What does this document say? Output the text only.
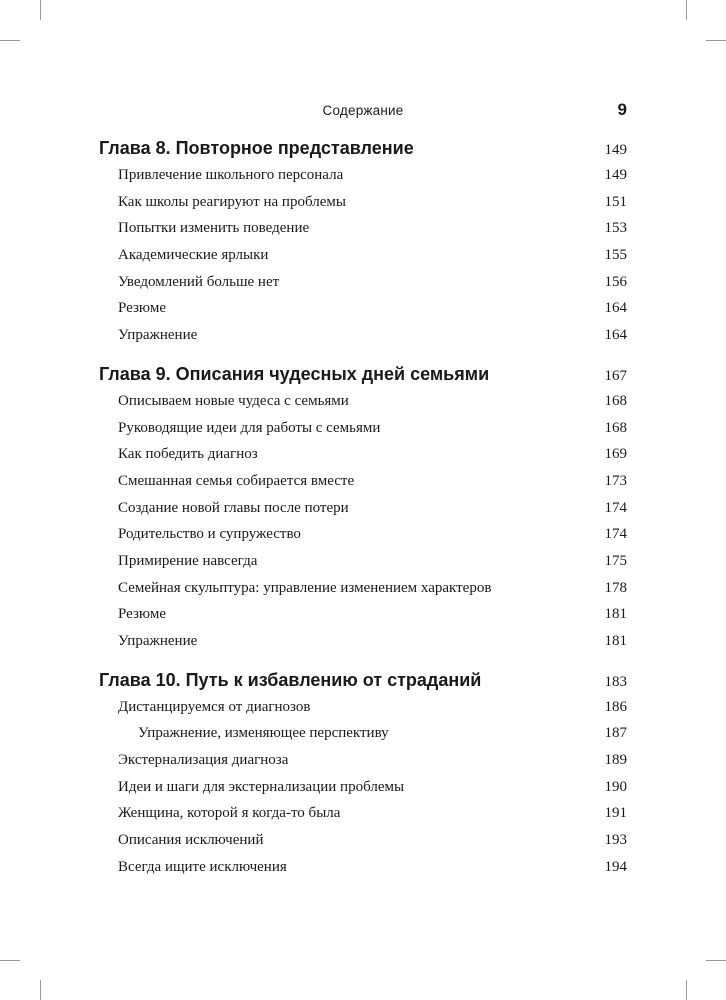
Содержание	9
Глава 8. Повторное представление	149
Привлечение школьного персонала	149
Как школы реагируют на проблемы	151
Попытки изменить поведение	153
Академические ярлыки	155
Уведомлений больше нет	156
Резюме	164
Упражнение	164
Глава 9. Описания чудесных дней семьями	167
Описываем новые чудеса с семьями	168
Руководящие идеи для работы с семьями	168
Как победить диагноз	169
Смешанная семья собирается вместе	173
Создание новой главы после потери	174
Родительство и супружество	174
Примирение навсегда	175
Семейная скульптура: управление изменением характеров	178
Резюме	181
Упражнение	181
Глава 10. Путь к избавлению от страданий	183
Дистанцируемся от диагнозов	186
Упражнение, изменяющее перспективу	187
Экстернализация диагноза	189
Идеи и шаги для экстернализации проблемы	190
Женщина, которой я когда-то была	191
Описания исключений	193
Всегда ищите исключения	194
